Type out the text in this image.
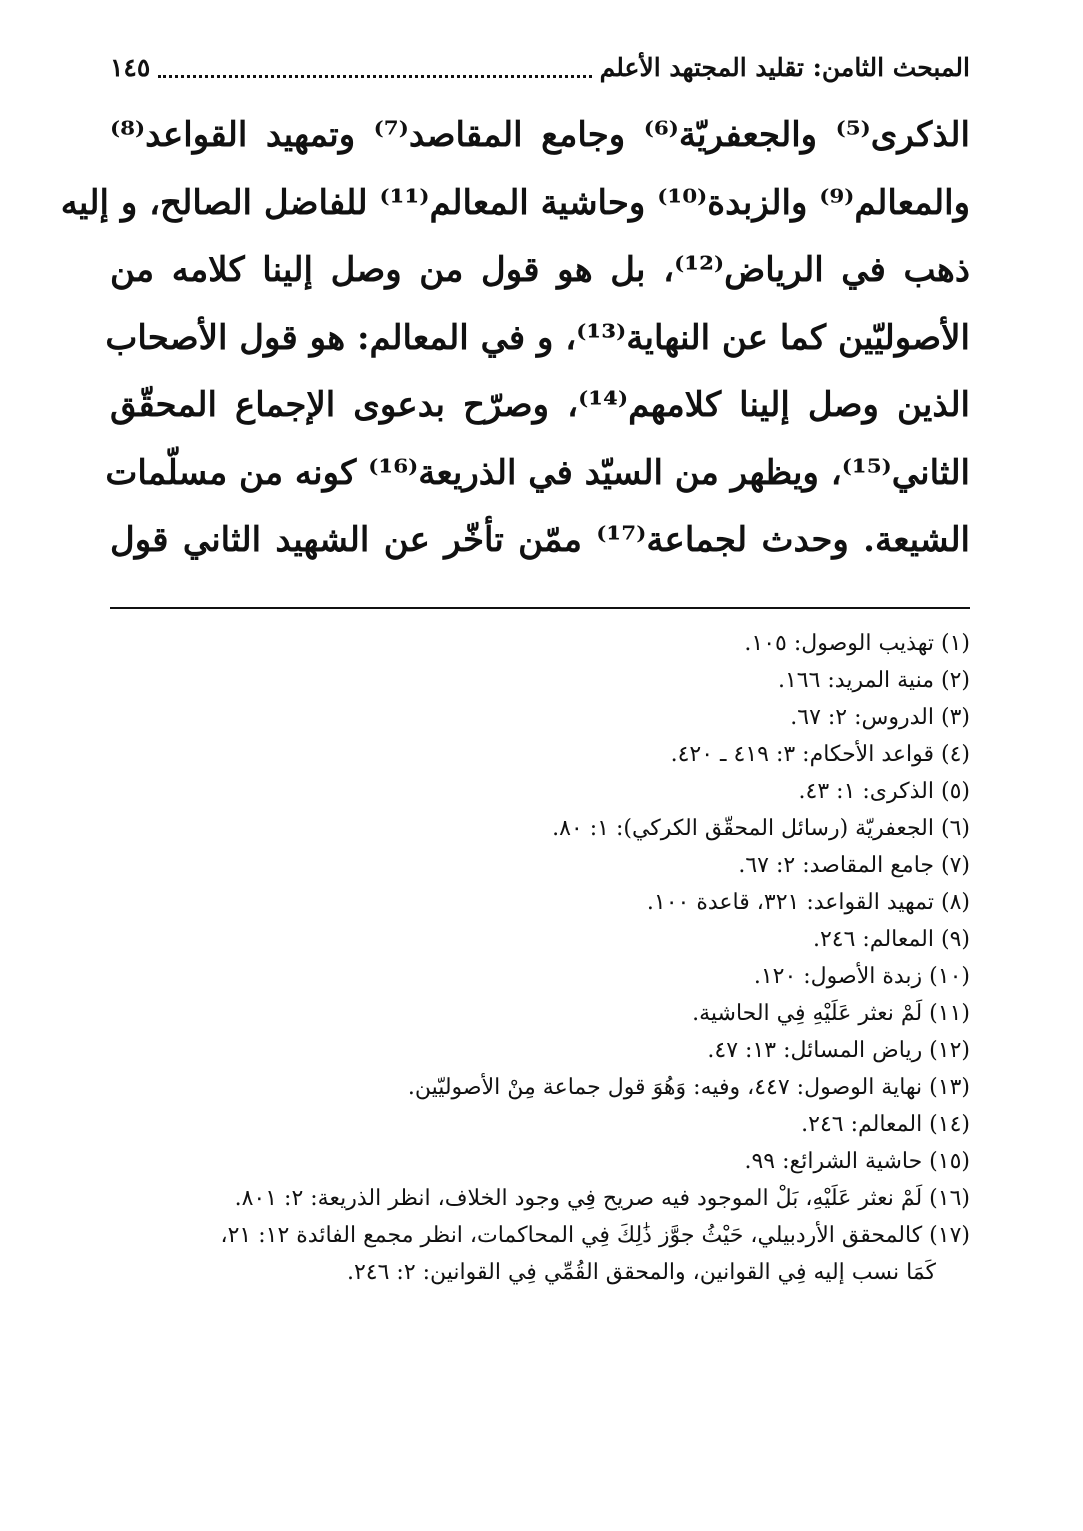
المبحث الثامن: تقليد المجتهد الأعلم
١٤٥
الذكرى⁽⁵⁾ والجعفريّة⁽⁶⁾ وجامع المقاصد⁽⁷⁾ وتمهيد القواعد⁽⁸⁾
والمعالم⁽⁹⁾ والزبدة⁽¹⁰⁾ وحاشية المعالم⁽¹¹⁾ للفاضل الصالح، و إليه
ذهب في الرياض⁽¹²⁾، بل هو قول من وصل إلينا كلامه من
الأصوليّين كما عن النهاية⁽¹³⁾، و في المعالم: هو قول الأصحاب
الذين وصل إلينا كلامهم⁽¹⁴⁾، وصرّح بدعوى الإجماع المحقّق
الثاني⁽¹⁵⁾، ويظهر من السيّد في الذريعة⁽¹⁶⁾ كونه من مسلّمات
الشيعة. وحدث لجماعة⁽¹⁷⁾ ممّن تأخّر عن الشهيد الثاني قول
(١) تهذيب الوصول: ١٠٥.
(٢) منية المريد: ١٦٦.
(٣) الدروس: ٢: ٦٧.
(٤) قواعد الأحكام: ٣: ٤١٩ ـ ٤٢٠.
(٥) الذكرى: ١: ٤٣.
(٦) الجعفريّة (رسائل المحقّق الكركي): ١: ٨٠.
(٧) جامع المقاصد: ٢: ٦٧.
(٨) تمهيد القواعد: ٣٢١، قاعدة ١٠٠.
(٩) المعالم: ٢٤٦.
(١٠) زبدة الأصول: ١٢٠.
(١١) لَمْ نعثر عَلَيْهِ فِي الحاشية.
(١٢) رياض المسائل: ١٣: ٤٧.
(١٣) نهاية الوصول: ٤٤٧، وفيه: وَهُوَ قول جماعة مِنْ الأصوليّين.
(١٤) المعالم: ٢٤٦.
(١٥) حاشية الشرائع: ٩٩.
(١٦) لَمْ نعثر عَلَيْهِ، بَلْ الموجود فيه صريح فِي وجود الخلاف، انظر الذريعة: ٢: ٨٠١.
(١٧) كالمحقق الأردبيلي، حَيْثُ جوَّز ذَٰلِكَ فِي المحاكمات، انظر مجمع الفائدة ١٢: ٢١،
كَمَا نسب إليه فِي القوانين، والمحقق القُمِّي فِي القوانين: ٢: ٢٤٦.
